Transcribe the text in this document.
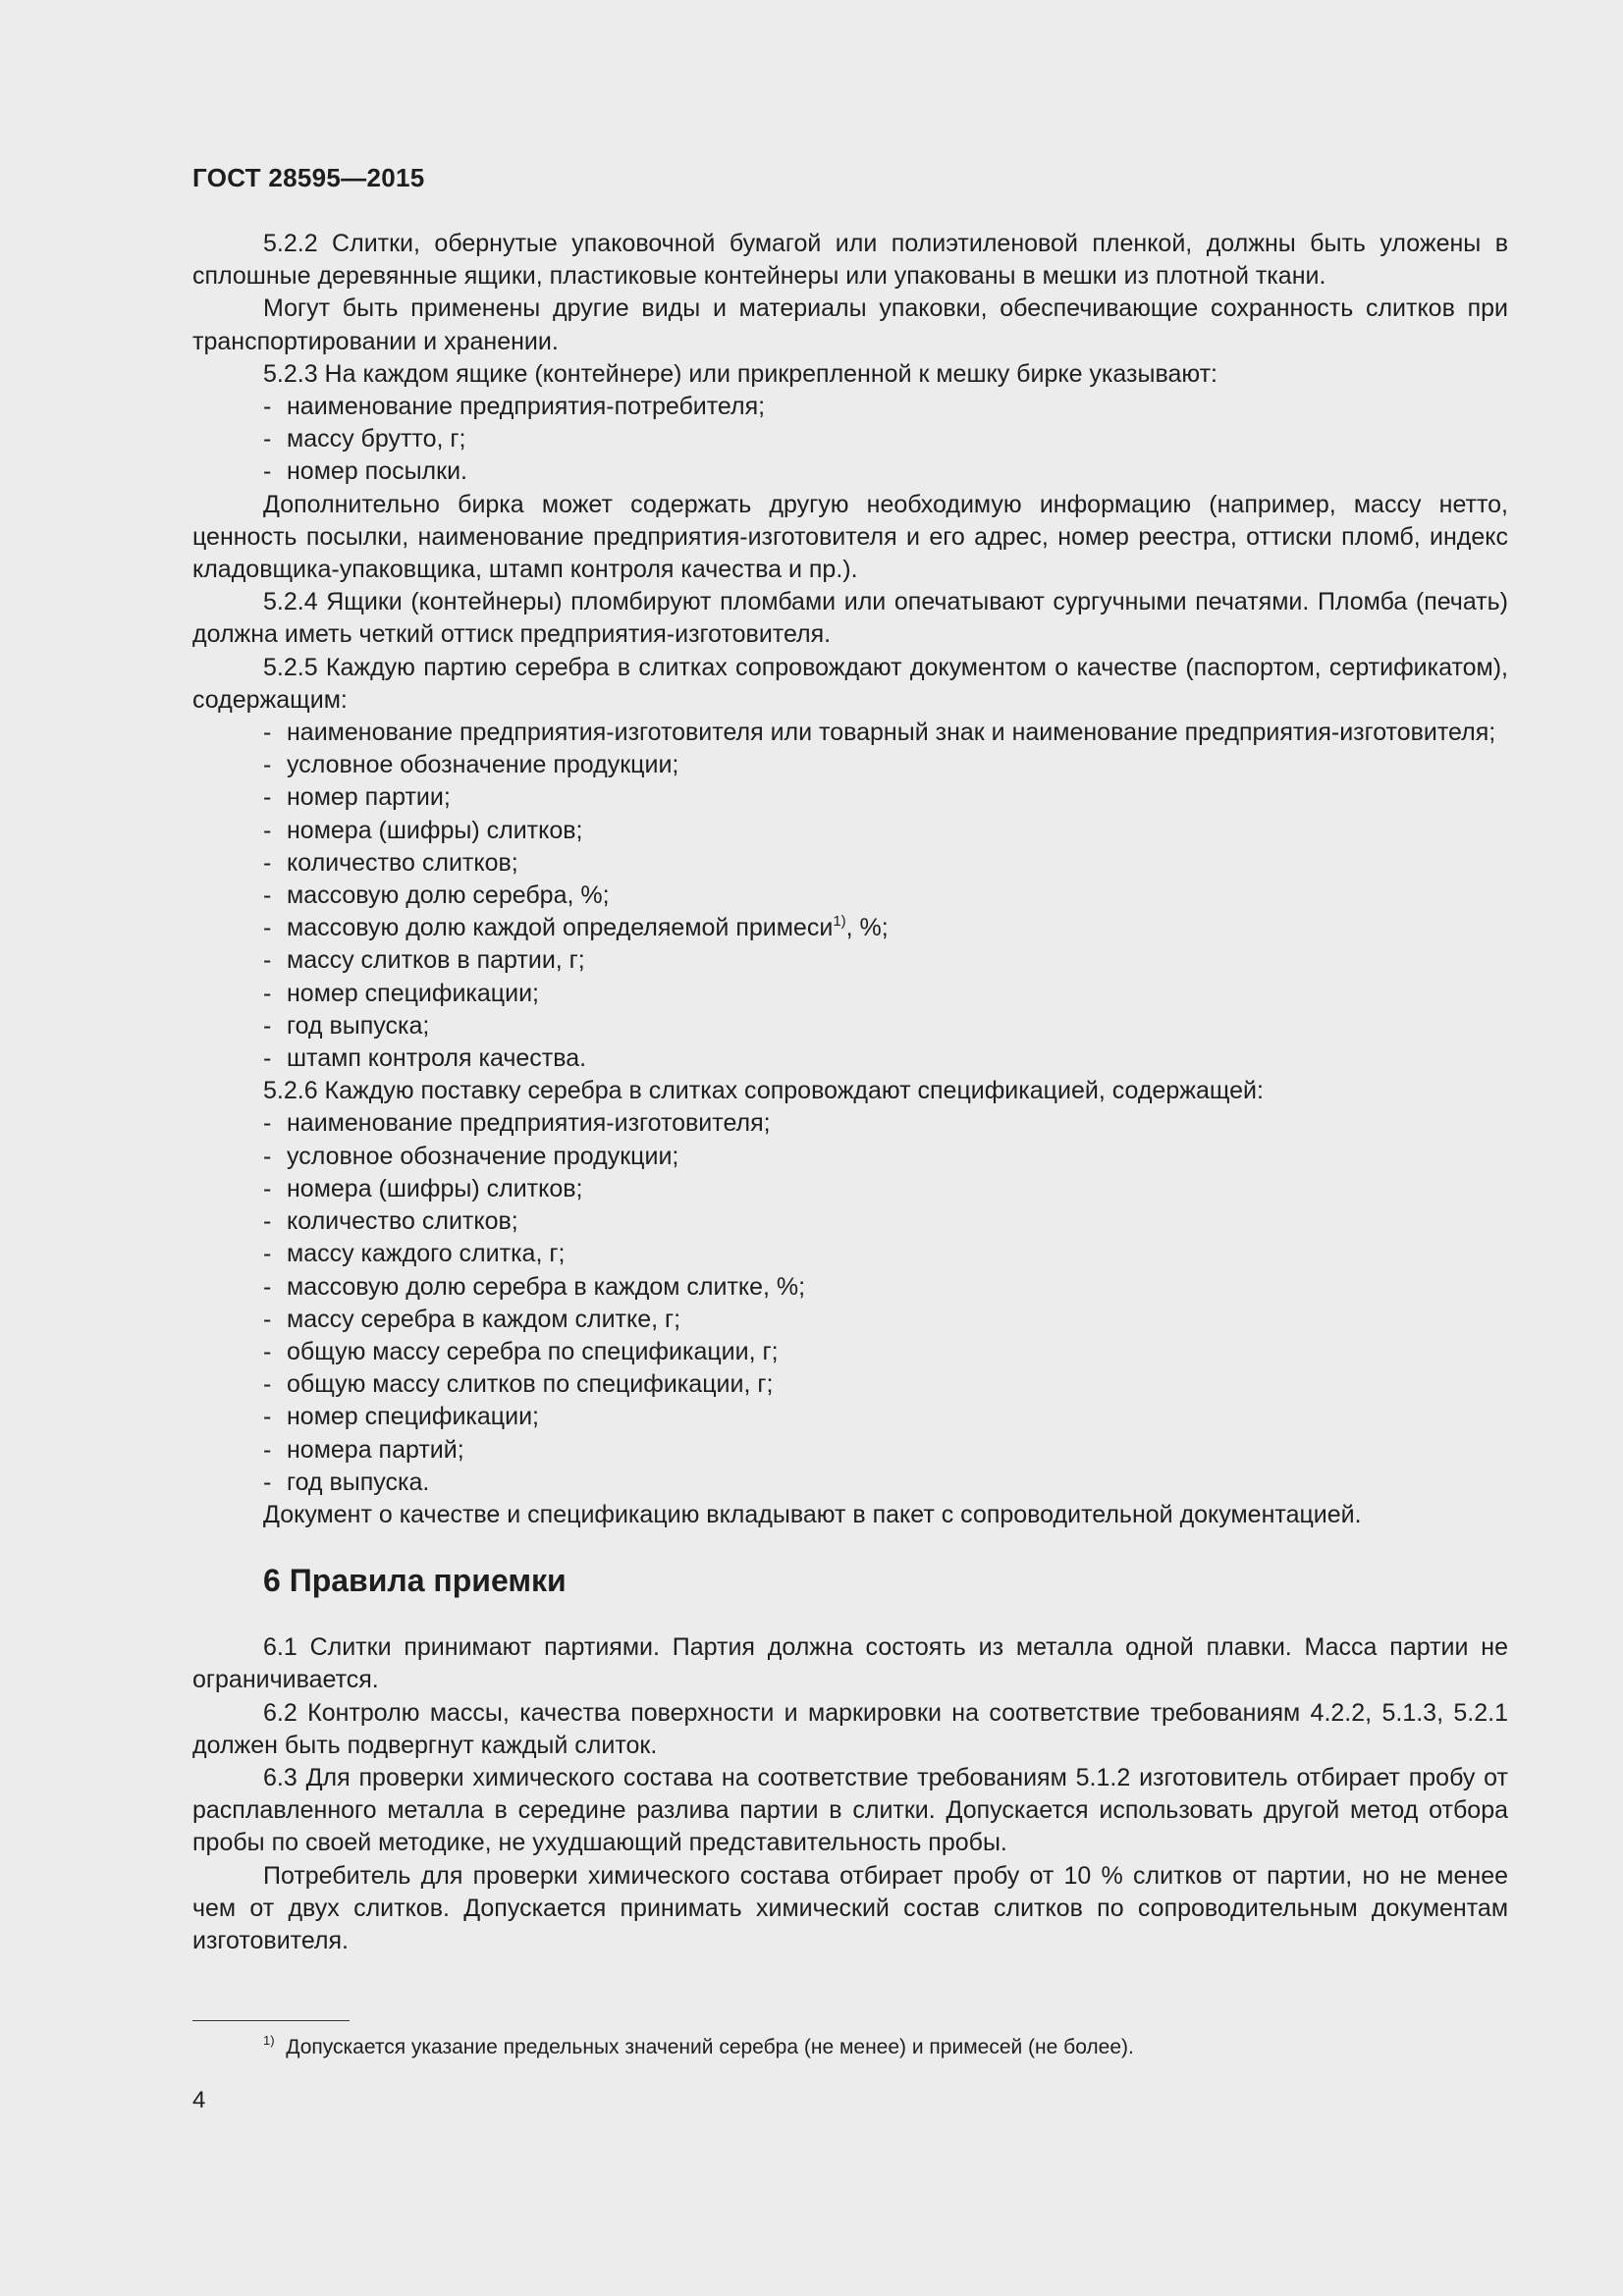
ГОСТ 28595—2015

5.2.2 Слитки, обернутые упаковочной бумагой или полиэтиленовой пленкой, должны быть уложены в сплошные деревянные ящики, пластиковые контейнеры или упакованы в мешки из плотной ткани.

Могут быть применены другие виды и материалы упаковки, обеспечивающие сохранность слитков при транспортировании и хранении.

5.2.3 На каждом ящике (контейнере) или прикрепленной к мешку бирке указывают:

- наименование предприятия-потребителя;

- массу брутто, г;

- номер посылки.

Дополнительно бирка может содержать другую необходимую информацию (например, массу нетто, ценность посылки, наименование предприятия-изготовителя и его адрес, номер реестра, оттиски пломб, индекс кладовщика-упаковщика, штамп контроля качества и пр.).

5.2.4 Ящики (контейнеры) пломбируют пломбами или опечатывают сургучными печатями. Пломба (печать) должна иметь четкий оттиск предприятия-изготовителя.

5.2.5 Каждую партию серебра в слитках сопровождают документом о качестве (паспортом, сертификатом), содержащим:

- наименование предприятия-изготовителя или товарный знак и наименование предприятия-изготовителя;

- условное обозначение продукции;

- номер партии;

- номера (шифры) слитков;

- количество слитков;

- массовую долю серебра, %;

- массовую долю каждой определяемой примеси$^{1)}$, %;

- массу слитков в партии, г;

- номер спецификации;

- год выпуска;

- штамп контроля качества.

5.2.6 Каждую поставку серебра в слитках сопровождают спецификацией, содержащей:

- наименование предприятия-изготовителя;

- условное обозначение продукции;

- номера (шифры) слитков;

- количество слитков;

- массу каждого слитка, г;

- массовую долю серебра в каждом слитке, %;

- массу серебра в каждом слитке, г;

- общую массу серебра по спецификации, г;

- общую массу слитков по спецификации, г;

- номер спецификации;

- номера партий;

- год выпуска.

Документ о качестве и спецификацию вкладывают в пакет с сопроводительной документацией.

6 Правила приемки

6.1 Слитки принимают партиями. Партия должна состоять из металла одной плавки. Масса партии не ограничивается.

6.2 Контролю массы, качества поверхности и маркировки на соответствие требованиям 4.2.2, 5.1.3, 5.2.1 должен быть подвергнут каждый слиток.

6.3 Для проверки химического состава на соответствие требованиям 5.1.2 изготовитель отбирает пробу от расплавленного металла в середине разлива партии в слитки. Допускается использовать другой метод отбора пробы по своей методике, не ухудшающий представительность пробы.

Потребитель для проверки химического состава отбирает пробу от 10 % слитков от партии, но не менее чем от двух слитков. Допускается принимать химический состав слитков по сопроводительным документам изготовителя.

$^{1)}$ Допускается указание предельных значений серебра (не менее) и примесей (не более).
4
